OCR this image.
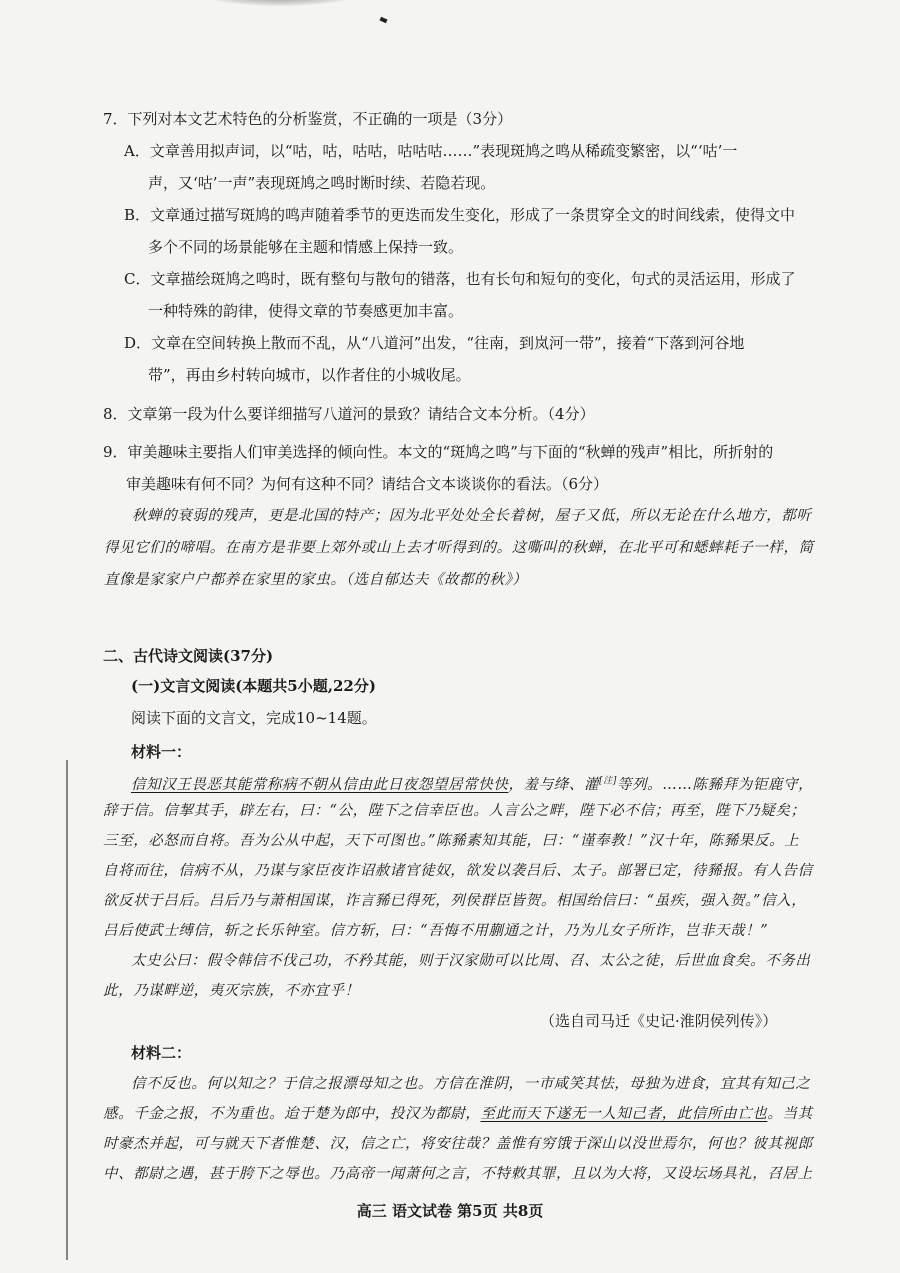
7．下列对本文艺术特色的分析鉴赏，不正确的一项是（3分）
A．文章善用拟声词，以“咕，咕，咕咕，咕咕咕……”表现斑鸠之鸣从稀疏变繁密，以“‘咕’一
声，又‘咕’一声”表现斑鸠之鸣时断时续、若隐若现。
B．文章通过描写斑鸠的鸣声随着季节的更迭而发生变化，形成了一条贯穿全文的时间线索，使得文中
多个不同的场景能够在主题和情感上保持一致。
C．文章描绘斑鸠之鸣时，既有整句与散句的错落，也有长句和短句的变化，句式的灵活运用，形成了
一种特殊的韵律，使得文章的节奏感更加丰富。
D．文章在空间转换上散而不乱，从“八道河”出发，“往南，到岚河一带”，接着“下落到河谷地
带”，再由乡村转向城市，以作者住的小城收尾。
8．文章第一段为什么要详细描写八道河的景致？请结合文本分析。（4分）
9．审美趣味主要指人们审美选择的倾向性。本文的“斑鸠之鸣”与下面的“秋蝉的残声”相比，所折射的
审美趣味有何不同？为何有这种不同？请结合文本谈谈你的看法。（6分）
秋蝉的衰弱的残声，更是北国的特产；因为北平处处全长着树，屋子又低，所以无论在什么地方，都听
得见它们的啼唱。在南方是非要上郊外或山上去才听得到的。这嘶叫的秋蝉，在北平可和蟋蟀耗子一样，简
直像是家家户户都养在家里的家虫。（选自郁达夫《故都的秋》）
二、古代诗文阅读(37分)
(一)文言文阅读(本题共5小题,22分)
阅读下面的文言文，完成10~14题。
材料一：
信知汉王畏恶其能常称病不朝从信由此日夜怨望居常快快，羞与绛、灌[注]等列。……陈豨拜为钜鹿守，
辞于信。信挈其手，辟左右，曰：“公，陛下之信幸臣也。人言公之畔，陛下必不信；再至，陛下乃疑矣；
三至，必怒而自将。吾为公从中起，天下可图也。”陈豨素知其能，曰：“谨奉教！”汉十年，陈豨果反。上
自将而往，信病不从，乃谋与家臣夜诈诏赦诸官徒奴，欲发以袭吕后、太子。部署已定，待豨报。有人告信
欲反状于吕后。吕后乃与萧相国谋，诈言豨已得死，列侯群臣皆贺。相国绐信曰：“虽疾，强入贺。”信入，
吕后使武士缚信，斩之长乐钟室。信方斩，曰：“吾悔不用蒯通之计，乃为儿女子所诈，岂非天哉！”
太史公曰：假令韩信不伐己功，不矜其能，则于汉家勋可以比周、召、太公之徒，后世血食矣。不务出
此，乃谋畔逆，夷灭宗族，不亦宜乎！
（选自司马迁《史记·淮阴侯列传》）
材料二：
信不反也。何以知之？于信之报漂母知之也。方信在淮阴，一市咸笑其怯，母独为进食，宜其有知己之
感。千金之报，不为重也。迨于楚为郎中，投汉为都尉，至此而天下遂无一人知己者，此信所由亡也。当其
时豪杰并起，可与就天下者惟楚、汉，信之亡，将安往哉？盖惟有穷饿于深山以没世焉尔，何也？彼其视郎
中、都尉之遇，甚于胯下之辱也。乃高帝一闻萧何之言，不特敕其罪，且以为大将，又设坛场具礼，召居上
高三 语文试卷 第5页 共8页
